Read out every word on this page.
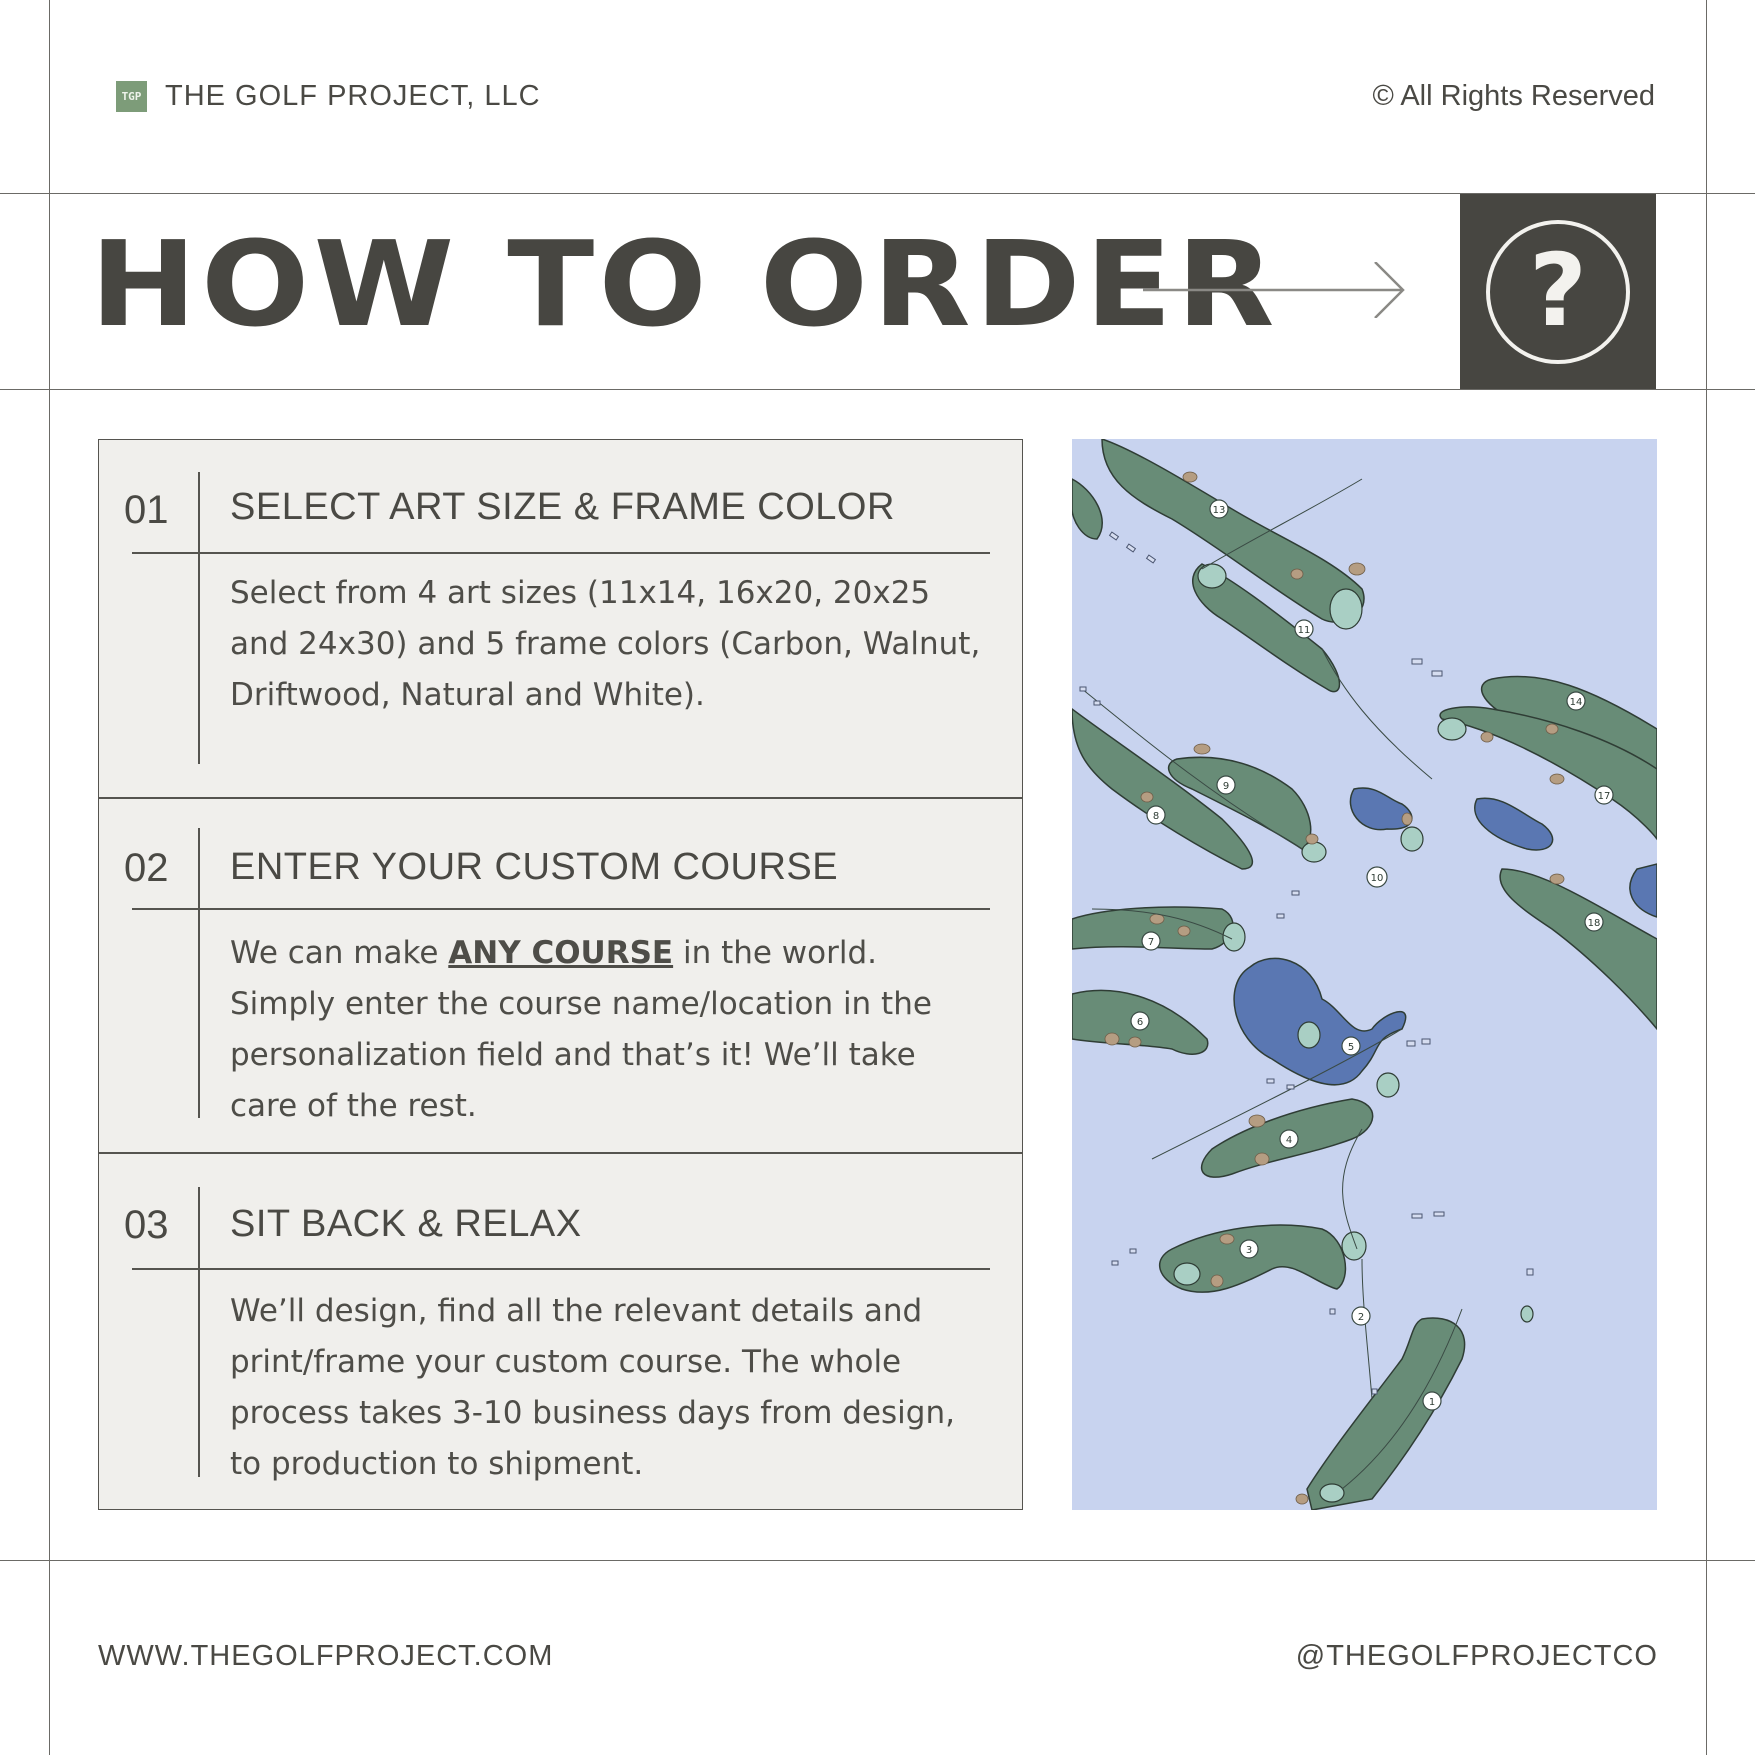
TGP THE GOLF PROJECT, LLC	© All Rights Reserved
HOW TO ORDER	?
01 SELECT ART SIZE & FRAME COLOR
Select from 4 art sizes (11x14, 16x20, 20x25 and 24x30) and 5 frame colors (Carbon, Walnut, Driftwood, Natural and White).
02 ENTER YOUR CUSTOM COURSE
We can make ANY COURSE in the world. Simply enter the course name/location in the personalization field and that’s it! We’ll take care of the rest.
03 SIT BACK & RELAX
We’ll design, find all the relevant details and print/frame your custom course. The whole process takes 3-10 business days from design, to production to shipment.
13
11
14
17
18
9
8
10
7
6
5
4
3
2
1
WWW.THEGOLFPROJECT.COM	@THEGOLFPROJECTCO
